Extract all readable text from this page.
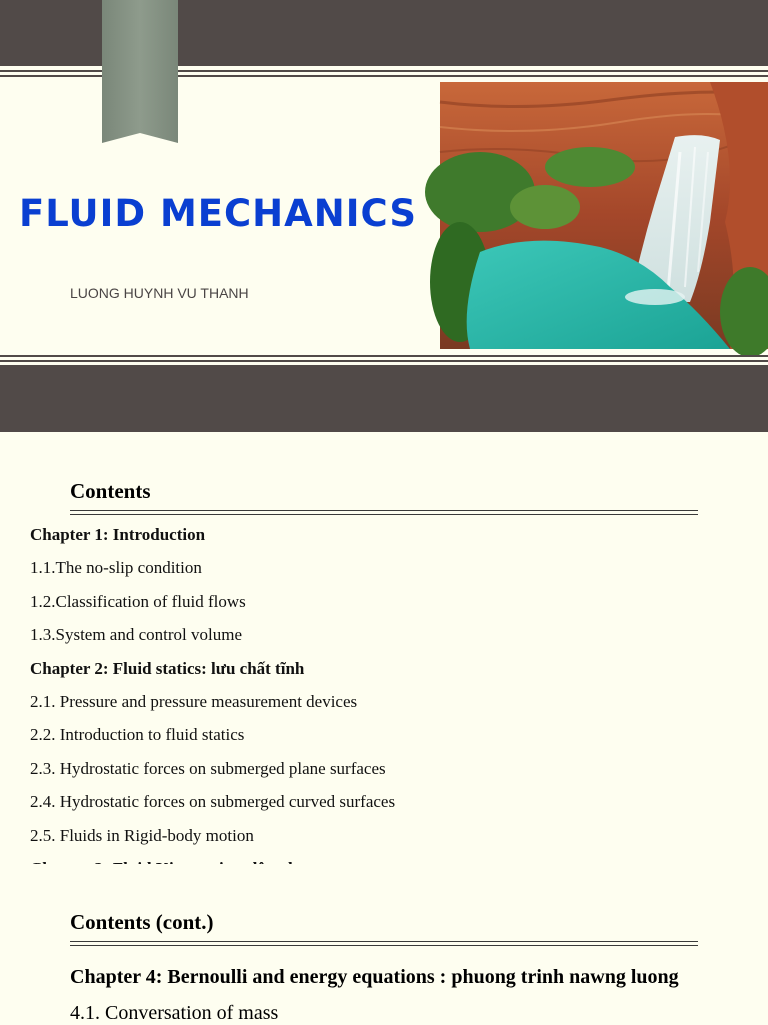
FLUID MECHANICS
LUONG HUYNH VU THANH
Contents
Chapter 1: Introduction
1.1.The no-slip condition
1.2.Classification of fluid flows
1.3.System and control volume
Chapter 2: Fluid statics: lưu chất tĩnh
2.1. Pressure and pressure measurement devices
2.2. Introduction to fluid statics
2.3. Hydrostatic forces on submerged plane surfaces
2.4. Hydrostatic forces on submerged curved surfaces
2.5. Fluids in Rigid-body motion
Contents (cont.)
Chapter 4: Bernoulli and energy equations : phuong trinh nawng luong
4.1. Conversation of mass
